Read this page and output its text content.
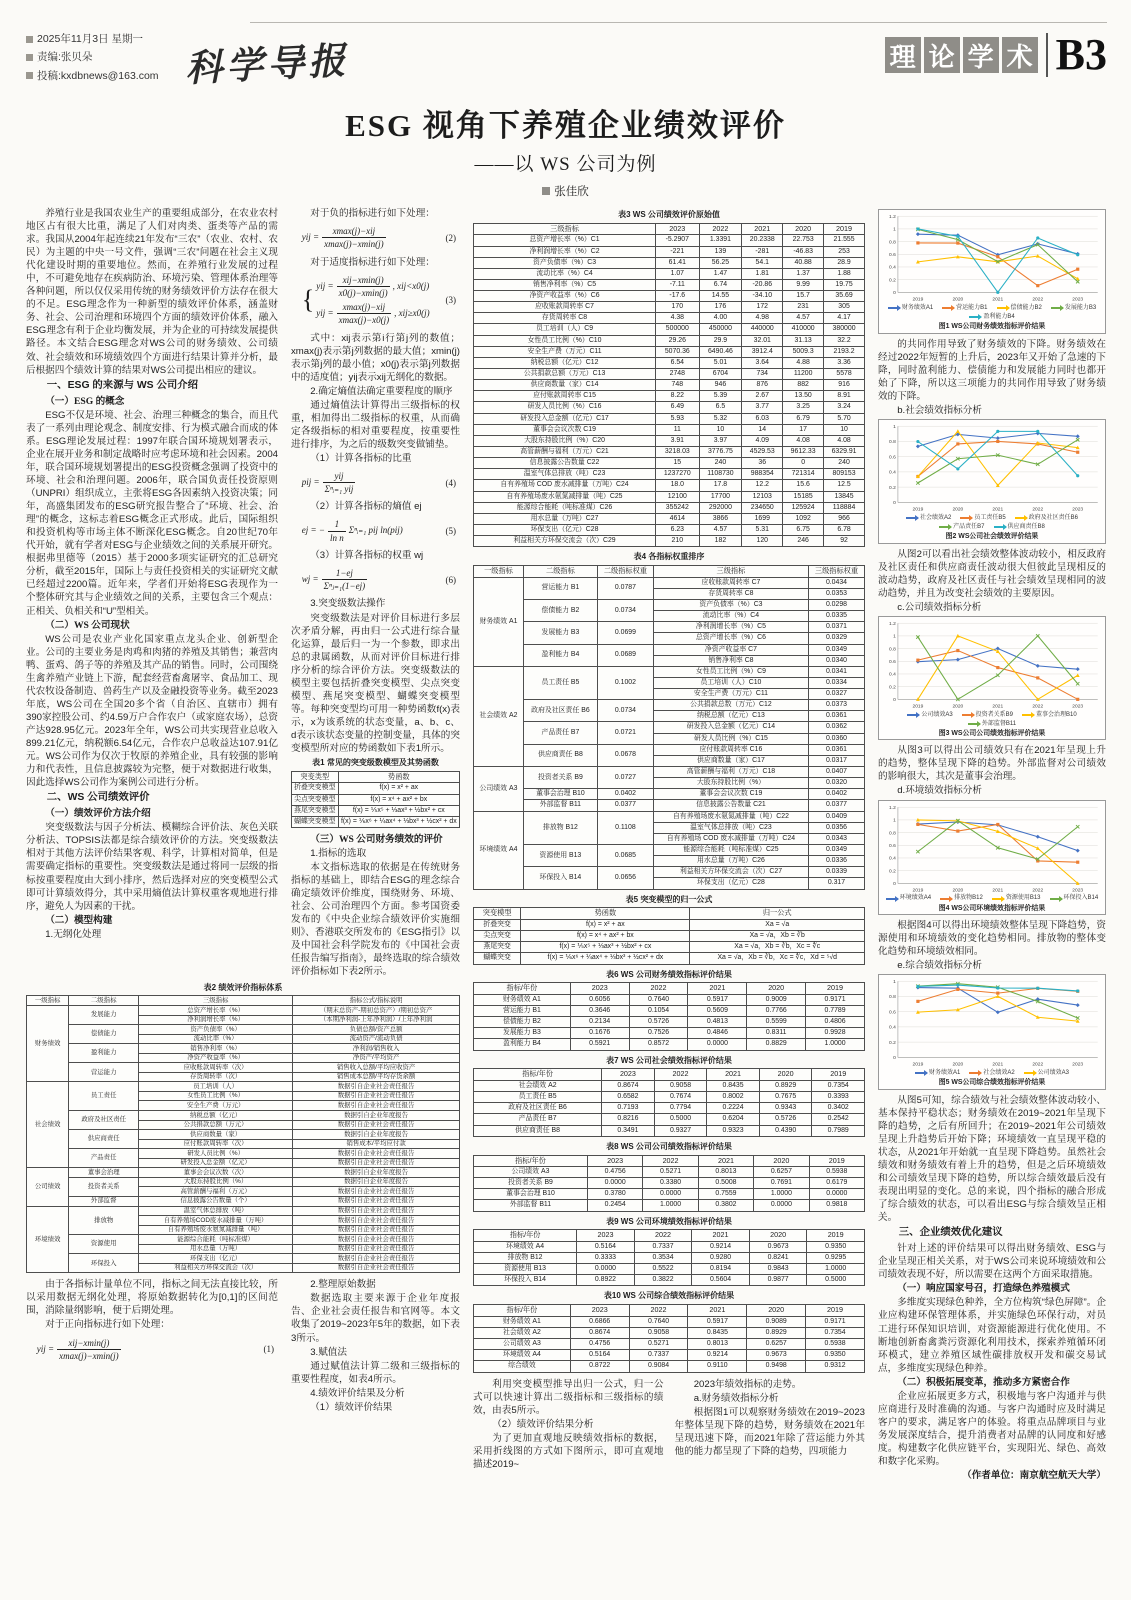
2025年11月3日 星期一
责编:张贝朵
投稿:kxdbnews@163.com 科学导报	理 论 学 术 B3
ESG 视角下养殖企业绩效评价
——以 WS 公司为例
张佳欣
养殖行业是我国农业生产的重要组成部分，在农业农村地区占有很大比重，满足了人们对肉类、蛋类等产品的需求。我国从2004年起连续21年发布“三农”（农业、农村、农民）为主题的中央一号文件，强调“三农”问题在社会主义现代化建设时期的重要地位。然而，在养殖行业发展的过程中，不可避免地存在疾病防治、环境污染、管理体系治理等各种问题，所以仅仅采用传统的财务绩效评价方法存在很大的不足。ESG理念作为一种新型的绩效评价体系，涵盖财务、社会、公司治理和环境四个方面的绩效评价体系，融入ESG理念有利于企业均衡发展，并为企业的可持续发展提供路径。本文结合ESG理念对WS公司的财务绩效、公司绩效、社会绩效和环境绩效四个方面进行结果计算并分析，最后根据四个绩效计算的结果对WS公司提出相应的建议。
一、ESG 的来源与 WS 公司介绍
（一）ESG 的概念
ESG不仅是环境、社会、治理三种概念的集合，而且代表了一系列由理论观念、制度安排、行为模式融合而成的体系。ESG理论发展过程：1997年联合国环境规划署表示，企业在展开业务和制定战略时应考虑环境和社会因素。2004年，联合国环境规划署提出的ESG投资概念强调了投资中的环境、社会和治理问题。2006年，联合国负责任投资原则（UNPRI）组织成立，主张将ESG各因素纳入投资决策；同年，高盛集团发布的ESG研究报告整合了“环境、社会、治理”的概念，这标志着ESG概念正式形成。此后，国际组织和投资机构等市场主体不断深化ESG概念。自20世纪70年代开始，就有学者对ESG与企业绩效之间的关系展开研究。根据弗里德等（2015）基于2000多项实证研究的汇总研究分析，截至2015年，国际上与责任投资相关的实证研究文献已经超过2200篇。近年来，学者们开始将ESG表现作为一个整体研究其与企业绩效之间的关系，主要包含三个观点：正相关、负相关和“U”型相关。
（二）WS 公司现状
WS公司是农业产业化国家重点龙头企业、创新型企业。公司的主要业务是肉鸡和肉猪的养殖及其销售；兼营肉鸭、蛋鸡、鸽子等的养殖及其产品的销售。同时，公司围绕生禽养殖产业链上下游，配套经营畜禽屠宰、食品加工、现代农牧设备制造、兽药生产以及金融投资等业务。截至2023年底，WS公司在全国20多个省（自治区、直辖市）拥有390家控股公司、约4.59万户合作农户（或家庭农场），总资产达928.95亿元。2023年全年，WS公司共实现营业总收入899.21亿元，纳税额6.54亿元，合作农户总收益达107.91亿元。WS公司作为仅次于牧原的养殖企业，具有较强的影响力和代表性，且信息披露较为完整，便于对数据进行收集，因此选择WS公司作为案例公司进行分析。
二、WS 公司绩效评价
（一）绩效评价方法介绍
突变级数法与因子分析法、模糊综合评价法、灰色关联分析法、TOPSIS法都是综合绩效评价的方法。突变级数法相对于其他方法评价结果客观、科学，计算相对简单，但是需要确定指标的重要性。突变级数法是通过将同一层级的指标按重要程度由大到小排序，然后选择对应的突变模型公式即可计算绩效得分，其中采用熵值法计算权重客观地进行排序，避免人为因素的干扰。
（二）模型构建
1.无纲化处理
对于负的指标进行如下处理：
yij = $\frac{\text{xmax(j)−xij}}{xmax(j)-xmin(j)}$	(2)
对于适度指标进行如下处理：
{ yij = $\frac{\text{xij−xmin(j)}}{x0(j)-xmin(j)}$ , xij<x0(j)
yij = $\frac{\text{xmax(j)−xij}}{xmax(j)-x0(j)}$ , xij≥x0(j)
(3)
式中：xij表示第i行第j列的数值；xmax(j)表示第j列数据的最大值；xmin(j)表示第j列的最小值；x0(j)表示第j列数据中的适度值；yij表示xij无纲化的数据。
2.确定熵值法确定重要程度的顺序
通过熵值法计算得出三级指标的权重，相加得出二级指标的权重，从而确定各级指标的相对重要程度，按重要性进行排序，为之后的级数突变做铺垫。
（1）计算各指标的比重
pij = $\frac{\text{yij}}{\text{Σⁿᵢ₌₁ yij}}$	(4)
（2）计算各指标的熵值 ej
ej = − $\frac{1}{\text{ln n}}$ Σⁿᵢ₌₁ pij ln(pij)	(5)
（3）计算各指标的权重 wj
wj = $\frac{1-ej}{\text{Σⁿⱼ₌₁(1−ej)}}$	(6)
3.突变级数法操作
突变级数法是对评价目标进行多层次矛盾分解，再由归一公式进行综合量化运算，最后归一为一个参数，即求出总的隶属函数，从而对评价目标进行排序分析的综合评价方法。突变级数法的模型主要包括折叠突变模型、尖点突变模型、燕尾突变模型、蝴蝶突变模型等。每种突变型均可用一种势函数f(x)表示，x为该系统的状态变量，a、b、c、d表示该状态变量的控制变量，具体的突变模型所对应的势函数如下表1所示。
表1 常见的突变级数模型及其势函数
突变类型	势函数
折叠突变模型	f(x) = x² + ax
尖点突变模型	f(x) = x⁴ + ax² + bx
燕尾突变模型	f(x) = ⅕x⁵ + ⅓ax³ + ½bx² + cx
蝴蝶突变模型	f(x) = ⅙x⁶ + ¼ax⁴ + ⅓bx³ + ½cx² + dx
（三）WS 公司财务绩效的评价
1.指标的选取
本文指标选取的依据是在传统财务指标的基础上，即结合ESG的理念综合确定绩效评价维度，围绕财务、环境、社会、公司治理四个方面。参考国资委发布的《中央企业综合绩效评价实施细则》、香港联交所发布的《ESG指引》以及中国社会科学院发布的《中国社会责任报告编写指南》，最终选取的综合绩效评价指标如下表2所示。
表2 绩效评价指标体系
一级指标	二级指标	三级指标	指标公式/指标说明
财务绩效	发展能力	总资产增长率（%）	（期末总资产-期初总资产）/期初总资产
		净利润增长率（%）	（本期净利润-上年净利润）/上年净利润
	偿债能力	资产负债率（%）	负债总额/资产总额
		流动比率（%）	流动资产/流动负债
	盈利能力	销售净利率（%）	净利润/销售收入
		净资产收益率（%）	净资产/平均资产
	营运能力	应收账款周转率（次）	销售收入总额/平均应收资产
		存货周转率（次）	销售成本总额/平均存货余额
社会绩效	员工责任	员工培训（人）	数据引自企业社会责任报告
		女性员工比例（%）	数据引自企业社会责任报告
		安全生产费（万元）	数据引自企业社会责任报告
	政府及社区责任	纳税总额（亿元）	数据引自企业年度报告
		公共捐款总额（万元）	数据引自企业社会责任报告
	供应商责任	供应商数量（家）	数据引自企业年度报告
		应付账款周转率（次）	销售成本/平均应付款
	产品责任	研发人员比例（%）	数据引自企业社会责任报告
		研发投入总金额（亿元）	数据引自企业社会责任报告
公司绩效	董事会治理	董事会会议次数（次）	数据引自企业年度报告
	投资者关系	大股东持股比例（%）	数据引自企业年度报告
		高管薪酬与福利（万元）	数据引自企业社会责任报告
	外部监督	信息披露公告数量（个）	数据引自企业社会责任报告
环境绩效	排放物	温室气体总排放（吨）	数据引自企业社会责任报告
		自有养殖场COD废水减排量（万吨）	数据引自企业社会责任报告
		自有养殖场废水氨氮减排量（吨）	数据引自企业社会责任报告
	资源使用	能源综合能耗（吨标准煤）	数据引自企业社会责任报告
		用水总量（万吨）	数据引自企业社会责任报告
	环保投入	环保支出（亿元）	数据引自企业社会责任报告
		利益相关方环保交流会（次）	数据引自企业社会责任报告
由于各指标计量单位不同，指标之间无法直接比较，所以采用数据无纲化处理，将原始数据转化为[0,1]的区间范围，消除量纲影响，便于后期处理。
对于正向指标进行如下处理：
yij = $\frac{\text{xij−xmin(j)}}{xmax(j)-xmin(j)}$	(1)
2.整理原始数据
数据选取主要来源于企业年度报告、企业社会责任报告和官网等。本文收集了2019~2023年5年的数据，如下表3所示。
3.赋值法
通过赋值法计算二级和三级指标的重要性程度，如表4所示。
4.绩效评价结果及分析
（1）绩效评价结果
表3 WS 公司绩效评价原始值
三级指标	2023	2022	2021	2020	2019
总资产增长率（%）C1	-5.2907	1.3391	20.2338	22.753	21.555
净利润增长率（%）C2	-221	139	-281	-46.83	253
资产负债率（%）C3	61.41	56.25	54.1	40.88	28.9
流动比率（%）C4	1.07	1.47	1.81	1.37	1.88
销售净利率（%）C5	-7.11	6.74	-20.86	9.99	19.75
净资产收益率（%）C6	-17.6	14.55	-34.10	15.7	35.69
应收账款周转率 C7	170	176	172	231	305
存货周转率 C8	4.38	4.00	4.98	4.57	4.17
员工培训（人）C9	500000	450000	440000	410000	380000
女性员工比例（%）C10	29.26	29.9	32.01	31.13	32.2
安全生产费（万元）C11	5070.36	6490.46	3912.4	5009.3	2193.2
纳税总额（亿元）C12	6.54	5.01	3.64	4.88	3.36
公共捐款总额（万元）C13	2748	6704	734	11200	5578
供应商数量（家）C14	748	946	876	882	916
应付账款周转率 C15	8.22	5.39	2.67	13.50	8.91
研发人员比例（%）C16	6.49	6.5	3.77	3.25	3.24
研发投入总金额（亿元）C17	5.93	5.32	6.03	6.79	5.70
董事会会议次数 C19	11	10	14	17	10
大股东持股比例（%）C20	3.91	3.97	4.09	4.08	4.08
高管薪酬与福利（万元）C21	3218.03	3776.75	4529.53	9612.33	6329.91
信息披露公告数量 C22	15	240	36	0	240
温室气体总排放（吨）C23	1237270	1108730	988354	721314	809153
自有养殖场 COD 废水减排量（万吨）C24	18.0	17.8	12.2	15.6	12.5
自有养殖场废水氨氮减排量（吨）C25	12100	17700	12103	15185	13845
能源综合能耗（吨标准煤）C26	355242	292000	234650	125924	118884
用水总量（万吨）C27	4614	3866	1699	1092	966
环保支出（亿元）C28	6.23	4.57	5.31	6.75	6.78
利益相关方环保交流会（次）C29	210	182	120	246	92
表4 各指标权重排序
一级指标	二级指标	二级指标权重	三级指标	三级指标权重
财务绩效 A1	营运能力 B1	0.0787	应收账款周转率 C7	0.0434
			存货周转率 C8	0.0353
	偿债能力 B2	0.0734	资产负债率（%）C3	0.0298
			流动比率（%）C4	0.0335
	发展能力 B3	0.0699	净利润增长率（%）C5	0.0371
			总资产增长率（%）C6	0.0329
	盈利能力 B4	0.0689	净资产收益率 C7	0.0349
			销售净利率 C8	0.0340
社会绩效 A2	员工责任 B5	0.1002	女性员工比例（%）C9	0.0341
			员工培训（人）C10	0.0334
			安全生产费（万元）C11	0.0327
	政府及社区责任 B6	0.0734	公共捐款总数（万元）C12	0.0373
			纳税总额（亿元）C13	0.0361
	产品责任 B7	0.0721	研发投入总金额（亿元）C14	0.0362
			研发人员比例（%）C15	0.0360
	供应商责任 B8	0.0678	应付账款周转率 C16	0.0361
			供应商数量（家）C17	0.0317
公司绩效 A3	投资者关系 B9	0.0727	高管薪酬与福利（万元）C18	0.0407
			大股东持股比例（%）	0.0320
	董事会治理 B10	0.0402	董事会会议次数 C19	0.0402
	外部监督 B11	0.0377	信息披露公告数量 C21	0.0377
环境绩效 A4	排放物 B12	0.1108	自有养殖场废水氨氮减排量（吨）C22	0.0409
			温室气体总排放（吨）C23	0.0356
			自有养殖场 COD 废水减排量（万吨）C24	0.0343
	资源使用 B13	0.0685	能源综合能耗（吨标准煤）C25	0.0349
			用水总量（万吨）C26	0.0336
	环保投入 B14	0.0656	利益相关方环保交流会（次）C27	0.0339
			环保支出（亿元）C28	0.317
表5 突变模型的归一公式
突变模型	势函数	归一公式
折叠突变	f(x) = x² + ax	Xa = √a
尖点突变	f(x) = x⁴ + ax² + bx	Xa = √a，Xb = ∛b
燕尾突变	f(x) = ⅕x⁵ + ⅓ax³ + ½bx² + cx	Xa = √a，Xb = ∛b，Xc = ∜c
蝴蝶突变	f(x) = ⅙x⁶ + ¼ax⁴ + ⅓bx³ + ½cx² + dx	Xa = √a，Xb = ∛b，Xc = ∜c，Xd = ⁵√d
表6 WS 公司财务绩效指标评价结果
指标/年份	2023	2022	2021	2020	2019
财务绩效 A1	0.6056	0.7640	0.5917	0.9009	0.9171
营运能力 B1	0.3646	0.1054	0.5609	0.7766	0.7789
偿债能力 B2	0.2134	0.5726	0.4813	0.5599	0.4806
发展能力 B3	0.1676	0.7526	0.4846	0.8311	0.9928
盈利能力 B4	0.5921	0.8572	0.0000	0.8829	1.0000
表7 WS 公司社会绩效指标评价结果
指标/年份	2023	2022	2021	2020	2019
社会绩效 A2	0.8674	0.9058	0.8435	0.8929	0.7354
员工责任 B5	0.6582	0.7674	0.8002	0.7675	0.3393
政府及社区责任 B6	0.7193	0.7794	0.2224	0.9343	0.3402
产品责任 B7	0.8216	0.5000	0.6204	0.5726	0.2542
供应商责任 B8	0.3491	0.9327	0.9323	0.4390	0.7989
表8 WS 公司公司绩效指标评价结果
指标/年份	2023	2022	2021	2020	2019
公司绩效 A3	0.4756	0.5271	0.8013	0.6257	0.5938
投资者关系 B9	0.0000	0.3380	0.5008	0.7691	0.6179
董事会治理 B10	0.3780	0.0000	0.7559	1.0000	0.0000
外部监督 B11	0.2454	1.0000	0.3802	0.0000	0.9818
表9 WS 公司环境绩效指标评价结果
指标/年份	2023	2022	2021	2020	2019
环境绩效 A4	0.5164	0.7337	0.9214	0.9673	0.9350
排放物 B12	0.3333	0.3534	0.9280	0.8241	0.9295
资源使用 B13	0.0000	0.5522	0.8194	0.9843	1.0000
环保投入 B14	0.8922	0.3822	0.5604	0.9877	0.5000
表10 WS 公司综合绩效指标评价结果
指标/年份	2023	2022	2021	2020	2019
财务绩效 A1	0.6866	0.7640	0.5917	0.9089	0.9171
社会绩效 A2	0.8674	0.9058	0.8435	0.8929	0.7354
公司绩效 A3	0.4756	0.5271	0.8013	0.6257	0.5938
环境绩效 A4	0.5164	0.7337	0.9214	0.9673	0.9350
综合绩效	0.8722	0.9084	0.9110	0.9498	0.9312
利用突变模型推导出归一公式，归一公式可以快速计算出二级指标和三级指标的绩效，由表5所示。
（2）绩效评价结果分析
为了更加直观地反映绩效指标的数据，采用折线图的方式如下图所示，即可直观地描述2019~
2023年绩效指标的走势。
a.财务绩效指标分析
根据图1可以观察财务绩效在2019~2023年整体呈现下降的趋势，财务绩效在2021年呈现迅速下降，而2021年除了营运能力外其他的能力都呈现了下降的趋势，四项能力
0
0.2
0.4
0.6
0.8
1
1.2
2019	2020	2021	2022	2023
财务绩效A1	营运能力B1	偿债能力B2	发展能力B3
盈利能力B4
图1 WS公司财务绩效指标评价结果
的共同作用导致了财务绩效的下降。财务绩效在经过2022年短暂的上升后，2023年又开始了急速的下降，同时盈利能力、偿债能力和发展能力同时也都开始了下降，所以这三项能力的共同作用导致了财务绩效的下降。
b.社会绩效指标分析
0
0.2
0.4
0.6
0.8
1
2019	2020	2021	2022	2023
社会绩效A2	员工责任B5	政府及社区责任B6
产品责任B7	供应商责任B8
图2 WS公司社会绩效评价结果
从图2可以看出社会绩效整体波动较小，相反政府及社区责任和供应商责任波动很大但彼此呈现相反的波动趋势，政府及社区责任与社会绩效呈现相同的波动趋势，并且为改变社会绩效的主要原因。
c.公司绩效指标分析
0
0.2
0.4
0.6
0.8
1
1.2
2019	2020	2021	2022	2023
公司绩效A3	投资者关系B9	董事会治理B10
外部监督B11
图3 WS公司公司绩效指标评价结果
从图3可以得出公司绩效只有在2021年呈现上升的趋势，整体呈现下降的趋势。外部监督对公司绩效的影响很大，其次是董事会治理。
d.环境绩效指标分析
0
0.2
0.4
0.6
0.8
1
1.2
2019	2020	2021	2022	2023
环境绩效A4	排放物B12	资源使用B13	环保投入B14
图4 WS公司环境绩效指标评价结果
根据图4可以得出环境绩效整体呈现下降趋势，资源使用和环境绩效的变化趋势相同。排放物的整体变化趋势和环境绩效相同。
e.综合绩效指标分析
0
0.2
0.4
0.6
0.8
1
2019	2020	2021	2022	2023
财务绩效A1	社会绩效A2	公司绩效A3
图5 WS公司综合绩效指标评价结果
从图5可知，综合绩效与社会绩效整体波动较小、基本保持平稳状态；财务绩效在2019~2021年呈现下降的趋势，之后有所回升；在2019~2021年公司绩效呈现上升趋势后开始下降；环境绩效一直呈现平稳的状态，从2021年开始就一直呈现下降趋势。虽然社会绩效和财务绩效有着上升的趋势，但是之后环境绩效和公司绩效呈现下降的趋势，所以综合绩效最后没有表现出明显的变化。总的来说，四个指标的融合形成了综合绩效的状态，可以看出ESG与综合绩效呈正相关。
三、企业绩效优化建议
针对上述的评价结果可以得出财务绩效、ESG与企业呈现正相关关系，对于WS公司来说环境绩效和公司绩效表现不好，所以需要在这两个方面采取措施。
（一）响应国家号召，打造绿色养殖模式
多维度实现绿色种养，全方位构筑“绿色屏障”。企业应构建环保管理体系，并实施绿色环保行动，对员工进行环保知识培训，对资源能源进行优化使用。不断地创新畜禽粪污资源化利用技术，探索养殖循环闭环模式，建立养殖区域性碳排放权开发和碳交易试点，多维度实现绿色种养。
（二）积极拓展变革，推动多方紧密合作
企业应拓展更多方式，积极地与客户沟通并与供应商进行及时准确的沟通。与客户沟通时应及时满足客户的要求，满足客户的体验。将重点品牌项目与业务发展深度结合，提升消费者对品牌的认同度和好感度。构建数字化供应链平台，实现阳光、绿色、高效和数字化采购。
（作者单位：南京航空航天大学）
